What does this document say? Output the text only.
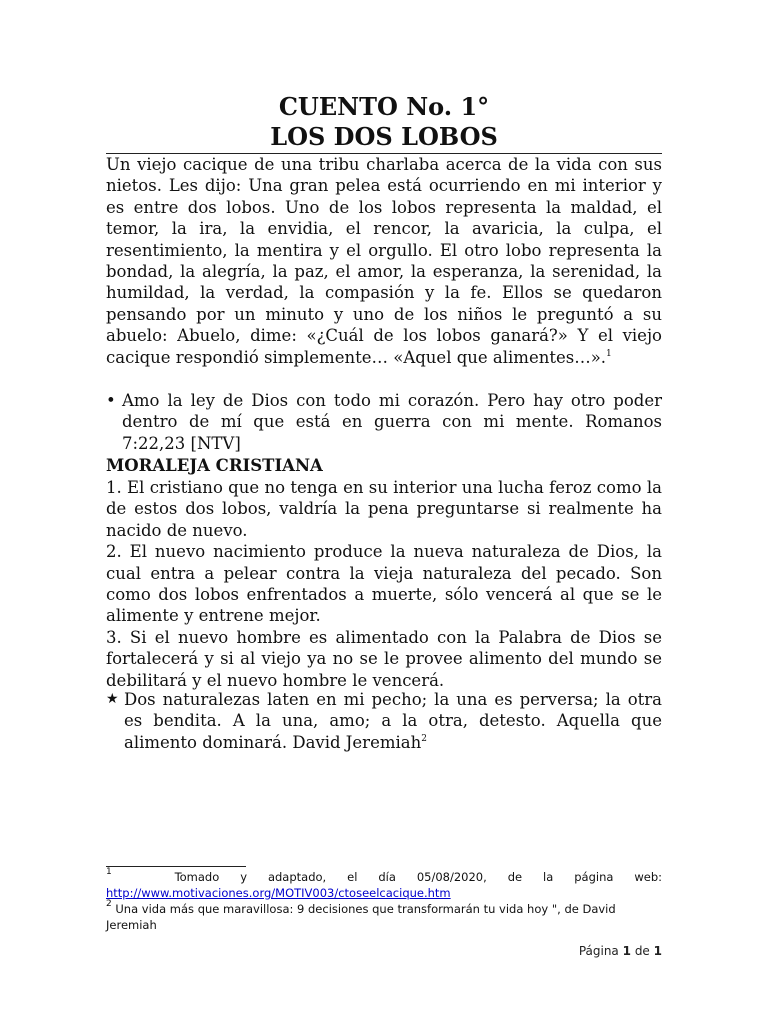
CUENTO No. 1°
LOS DOS LOBOS
Un viejo cacique de una tribu charlaba acerca de la vida con sus nietos. Les dijo: Una gran pelea está ocurriendo en mi interior y es entre dos lobos. Uno de los lobos representa la maldad, el temor, la ira, la envidia, el rencor, la avaricia, la culpa, el resentimiento, la mentira y el orgullo. El otro lobo representa la bondad, la alegría, la paz, el amor, la esperanza, la serenidad, la humildad, la verdad, la compasión y la fe. Ellos se quedaron pensando por un minuto y uno de los niños le preguntó a su abuelo: Abuelo, dime: «¿Cuál de los lobos ganará?» Y el viejo cacique respondió simplemente… «Aquel que alimentes…».$^1$
• Amo la ley de Dios con todo mi corazón. Pero hay otro poder dentro de mí que está en guerra con mi mente. Romanos 7:22,23 [NTV]
MORALEJA CRISTIANA

1. El cristiano que no tenga en su interior una lucha feroz como la de estos dos lobos, valdría la pena preguntarse si realmente ha nacido de nuevo.

2. El nuevo nacimiento produce la nueva naturaleza de Dios, la cual entra a pelear contra la vieja naturaleza del pecado. Son como dos lobos enfrentados a muerte, sólo vencerá al que se le alimente y entrene mejor.

3. Si el nuevo hombre es alimentado con la Palabra de Dios se fortalecerá y si al viejo ya no se le provee alimento del mundo se debilitará y el nuevo hombre le vencerá.

★ Dos naturalezas laten en mi pecho; la una es perversa; la otra es bendita. A la una, amo; a la otra, detesto. Aquella que alimento dominará. David Jeremiah$^2$
$^1$	Tomado y adaptado, el día 05/08/2020, de la página web:
http://www.motivaciones.org/MOTIV003/ctoseelcacique.htm
$^2$ Una vida más que maravillosa: 9 decisiones que transformarán tu vida hoy ", de David Jeremiah
Página 1 de 1
